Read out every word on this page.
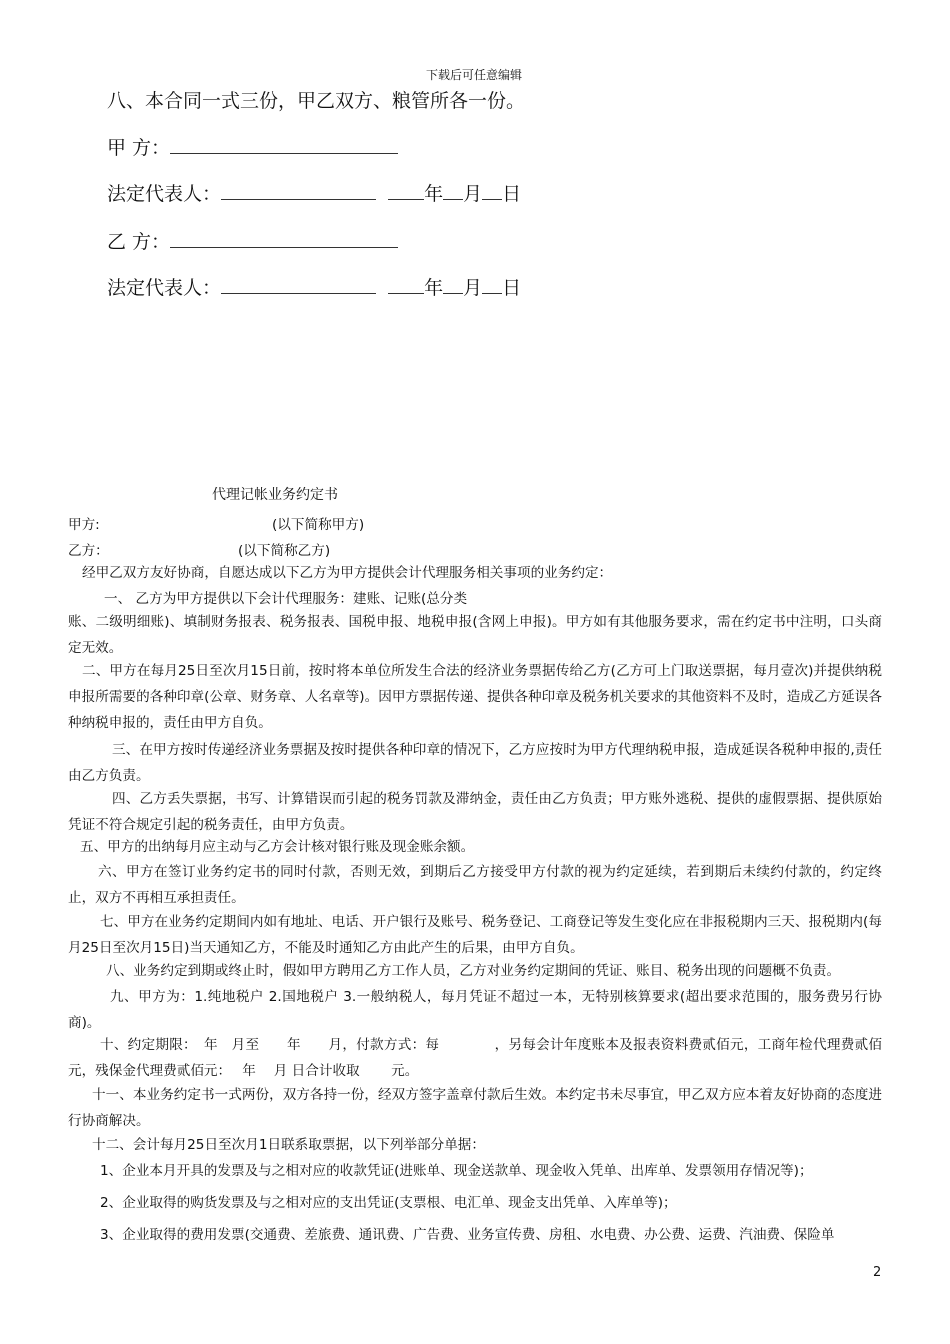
下载后可任意编辑
八、本合同一式三份，甲乙双方、粮管所各一份。
甲 方：
法定代表人：	年 月 日
乙 方：
法定代表人：	年 月 日
代理记帐业务约定书
甲方:	(以下简称甲方)
乙方：	(以下简称乙方)
经甲乙双方友好协商，自愿达成以下乙方为甲方提供会计代理服务相关事项的业务约定：
一、 乙方为甲方提供以下会计代理服务：建账、记账(总分类
账、二级明细账)、填制财务报表、税务报表、国税申报、地税申报(含网上申报)。甲方如有其他服务要求，需在约定书中注明，口头商定无效。
二、甲方在每月25日至次月15日前，按时将本单位所发生合法的经济业务票据传给乙方(乙方可上门取送票据，每月壹次)并提供纳税申报所需要的各种印章(公章、财务章、人名章等)。因甲方票据传递、提供各种印章及税务机关要求的其他资料不及时，造成乙方延误各种纳税申报的，责任由甲方自负。
三、在甲方按时传递经济业务票据及按时提供各种印章的情况下，乙方应按时为甲方代理纳税申报，造成延误各税种申报的,责任由乙方负责。
四、乙方丢失票据，书写、计算错误而引起的税务罚款及滞纳金，责任由乙方负责；甲方账外逃税、提供的虚假票据、提供原始凭证不符合规定引起的税务责任，由甲方负责。
五、甲方的出纳每月应主动与乙方会计核对银行账及现金账余额。
六、甲方在签订业务约定书的同时付款，否则无效，到期后乙方接受甲方付款的视为约定延续，若到期后未续约付款的，约定终止，双方不再相互承担责任。
七、甲方在业务约定期间内如有地址、电话、开户银行及账号、税务登记、工商登记等发生变化应在非报税期内三天、报税期内(每月25日至次月15日)当天通知乙方，不能及时通知乙方由此产生的后果，由甲方自负。
八、业务约定到期或终止时，假如甲方聘用乙方工作人员，乙方对业务约定期间的凭证、账目、税务出现的问题概不负责。
九、甲方为：1.纯地税户 2.国地税户 3.一般纳税人，每月凭证不超过一本，无特别核算要求(超出要求范围的，服务费另行协商)。
十、约定期限：　年　月至　　年　　月，付款方式：每　　　　，另每会计年度账本及报表资料费贰佰元，工商年检代理费贰佰元，残保金代理费贰佰元：　 年　 月 日合计收取　　 元。
十一、本业务约定书一式两份，双方各持一份，经双方签字盖章付款后生效。本约定书未尽事宜，甲乙双方应本着友好协商的态度进行协商解决。
十二、会计每月25日至次月1日联系取票据，以下列举部分单据：
1、企业本月开具的发票及与之相对应的收款凭证(进账单、现金送款单、现金收入凭单、出库单、发票领用存情况等)；
2、企业取得的购货发票及与之相对应的支出凭证(支票根、电汇单、现金支出凭单、入库单等)；
3、企业取得的费用发票(交通费、差旅费、通讯费、广告费、业务宣传费、房租、水电费、办公费、运费、汽油费、保险单
2
